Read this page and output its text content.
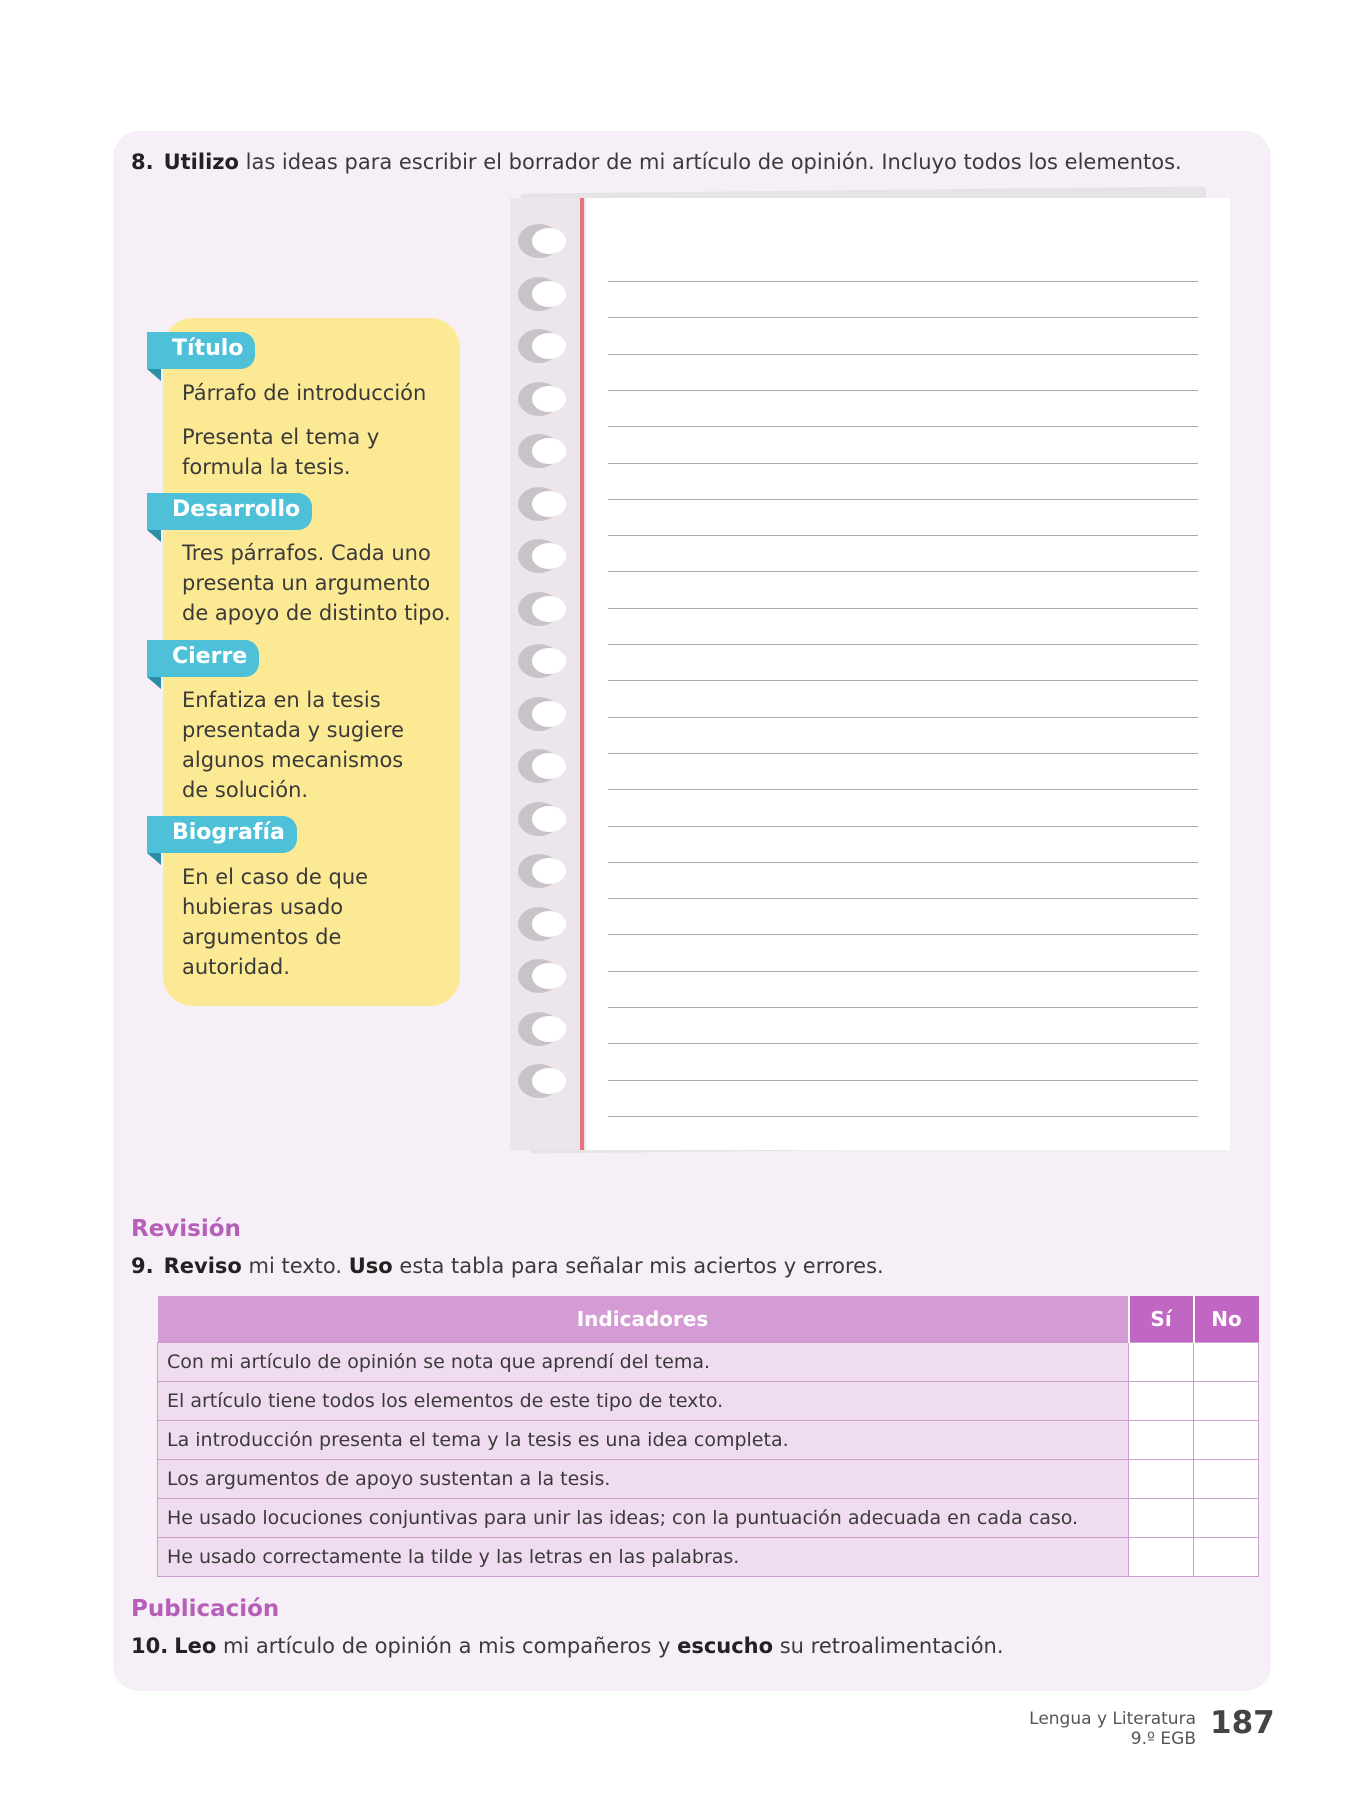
8. Utilizo las ideas para escribir el borrador de mi artículo de opinión. Incluyo todos los elementos.
Título
Párrafo de introducción
Presenta el tema y formula la tesis.
Desarrollo
Tres párrafos. Cada uno presenta un argumento de apoyo de distinto tipo.
Cierre
Enfatiza en la tesis presentada y sugiere algunos mecanismos de solución.
Biografía
En el caso de que hubieras usado argumentos de autoridad.
Revisión
9. Reviso mi texto. Uso esta tabla para señalar mis aciertos y errores.
Indicadores	Sí	No
Con mi artículo de opinión se nota que aprendí del tema.		
El artículo tiene todos los elementos de este tipo de texto.		
La introducción presenta el tema y la tesis es una idea completa.		
Los argumentos de apoyo sustentan a la tesis.		
He usado locuciones conjuntivas para unir las ideas; con la puntuación adecuada en cada caso.		
He usado correctamente la tilde y las letras en las palabras.		
Publicación
10. Leo mi artículo de opinión a mis compañeros y escucho su retroalimentación.
Lengua y Literatura
9.º EGB 187
